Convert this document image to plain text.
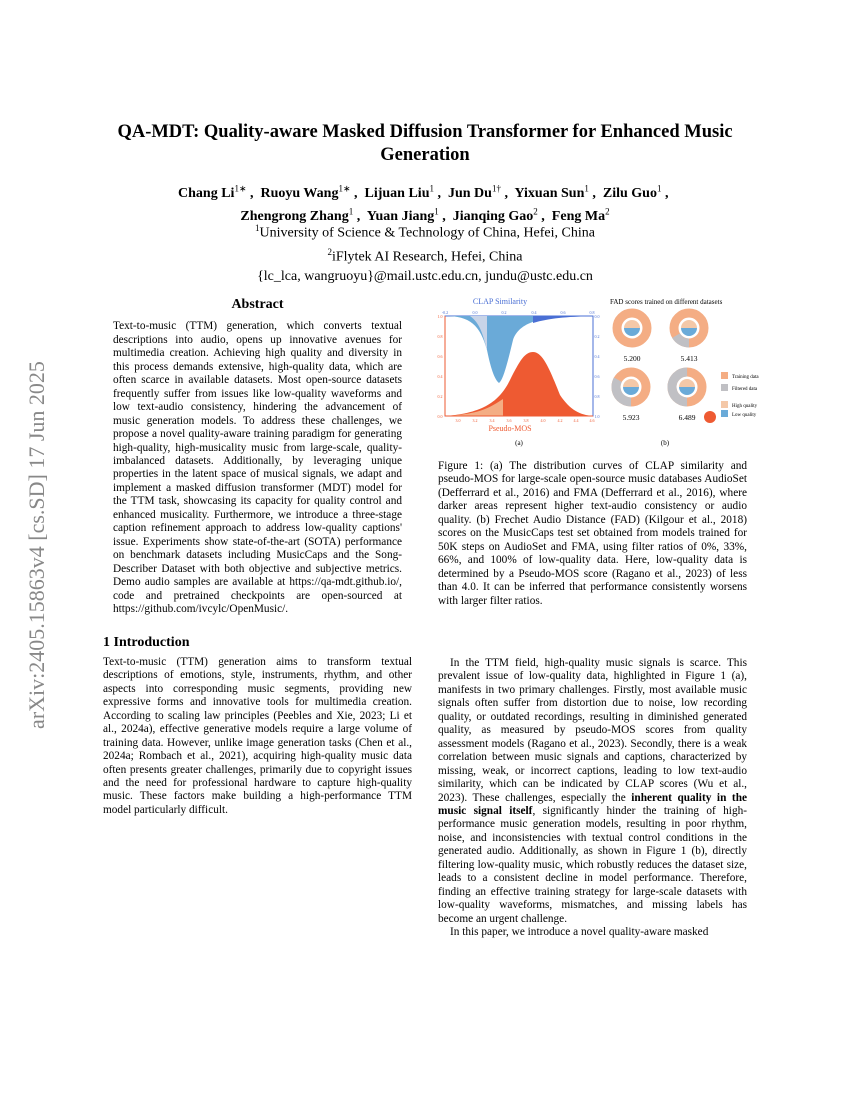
arXiv:2405.15863v4 [cs.SD] 17 Jun 2025
QA-MDT: Quality-aware Masked Diffusion Transformer for Enhanced Music Generation
Chang $Li^{1∗}$ ,  Ruoyu Wang$^{1∗}$ ,  Lijuan Liu$^1$ ,  Jun $Du^{1\dagger}$ ,  Yixuan Sun$^1$ ,  Zilu Guo$^1$ ,
Zhengrong Zhang$^1$ ,  Yuan Jiang$^1$ ,  Jianqing Gao$^2$ ,  Feng Ma$^2$
$^1$University of Science & Technology of China, Hefei, China
$^2$iFlytek AI Research, Hefei, China
{lc_lca, wangruoyu}@mail.ustc.edu.cn, jundu@ustc.edu.cn
Abstract

Text-to-music (TTM) generation, which converts textual descriptions into audio, opens up innovative avenues for multimedia creation. Achieving high quality and diversity in this process demands extensive, high-quality data, which are often scarce in available datasets. Most open-source datasets frequently suffer from issues like low-quality waveforms and low text-audio consistency, hindering the advancement of music generation models. To address these challenges, we propose a novel quality-aware training paradigm for generating high-quality, high-musicality music from large-scale, quality-imbalanced datasets. Additionally, by leveraging unique properties in the latent space of musical signals, we adapt and implement a masked diffusion transformer (MDT) model for the TTM task, showcasing its capacity for quality control and enhanced musicality. Furthermore, we introduce a three-stage caption refinement approach to address low-quality captions' issue. Experiments show state-of-the-art (SOTA) performance on benchmark datasets including MusicCaps and the Song-Describer Dataset with both objective and subjective metrics. Demo audio samples are available at https://qa-mdt.github.io/, code and pretrained checkpoints are open-sourced at https://github.com/ivcylc/OpenMusic/.

1 Introduction

Text-to-music (TTM) generation aims to transform textual descriptions of emotions, style, instruments, rhythm, and other aspects into corresponding music segments, providing new expressive forms and innovative tools for multimedia creation. According to scaling law principles (Peebles and Xie, 2023; Li et al., 2024a), effective generative models require a large volume of training data. However, unlike image generation tasks (Chen et al., 2024a; Rombach et al., 2021), acquiring high-quality music data often presents greater challenges, primarily due to copyright issues and the need for professional hardware to capture high-quality music. These factors make building a high-performance TTM model particularly difficult.

CLAP Similarity
-0.2	0.0	0.2	0.4	0.6	0.8
0.0
0.2
0.4
0.6
0.8
1.0
1.0
0.8
0.6
0.4
0.2
0.0
3.0	3.2	3.4	3.6	3.8	4.0	4.2	4.4	4.6
Pseudo-MOS
(a)
FAD scores trained on different datasets
5.200	5.413
5.923	6.489
Training data
Filtered data
High quality
Low quality
(b)

Figure 1: (a) The distribution curves of CLAP similarity and pseudo-MOS for large-scale open-source music databases AudioSet (Defferrard et al., 2016) and FMA (Defferrard et al., 2016), where darker areas represent higher text-audio consistency or audio quality. (b) Frechet Audio Distance (FAD) (Kilgour et al., 2018) scores on the MusicCaps test set obtained from models trained for 50K steps on AudioSet and FMA, using filter ratios of 0%, 33%, 66%, and 100% of low-quality data. Here, low-quality data is determined by a Pseudo-MOS score (Ragano et al., 2023) of less than 4.0. It can be inferred that performance consistently worsens with larger filter ratios.

In the TTM field, high-quality music signals is scarce. This prevalent issue of low-quality data, highlighted in Figure 1 (a), manifests in two primary challenges. Firstly, most available music signals often suffer from distortion due to noise, low recording quality, or outdated recordings, resulting in diminished generated quality, as measured by pseudo-MOS scores from quality assessment models (Ragano et al., 2023). Secondly, there is a weak correlation between music signals and captions, characterized by missing, weak, or incorrect captions, leading to low text-audio similarity, which can be indicated by CLAP scores (Wu et al., 2023). These challenges, especially the inherent quality in the music signal itself, significantly hinder the training of high-performance music generation models, resulting in poor rhythm, noise, and inconsistencies with textual control conditions in the generated audio. Additionally, as shown in Figure 1 (b), directly filtering low-quality music, which robustly reduces the dataset size, leads to a consistent decline in model performance. Therefore, finding an effective training strategy for large-scale datasets with low-quality waveforms, mismatches, and missing labels has become an urgent challenge.

In this paper, we introduce a novel quality-aware masked
